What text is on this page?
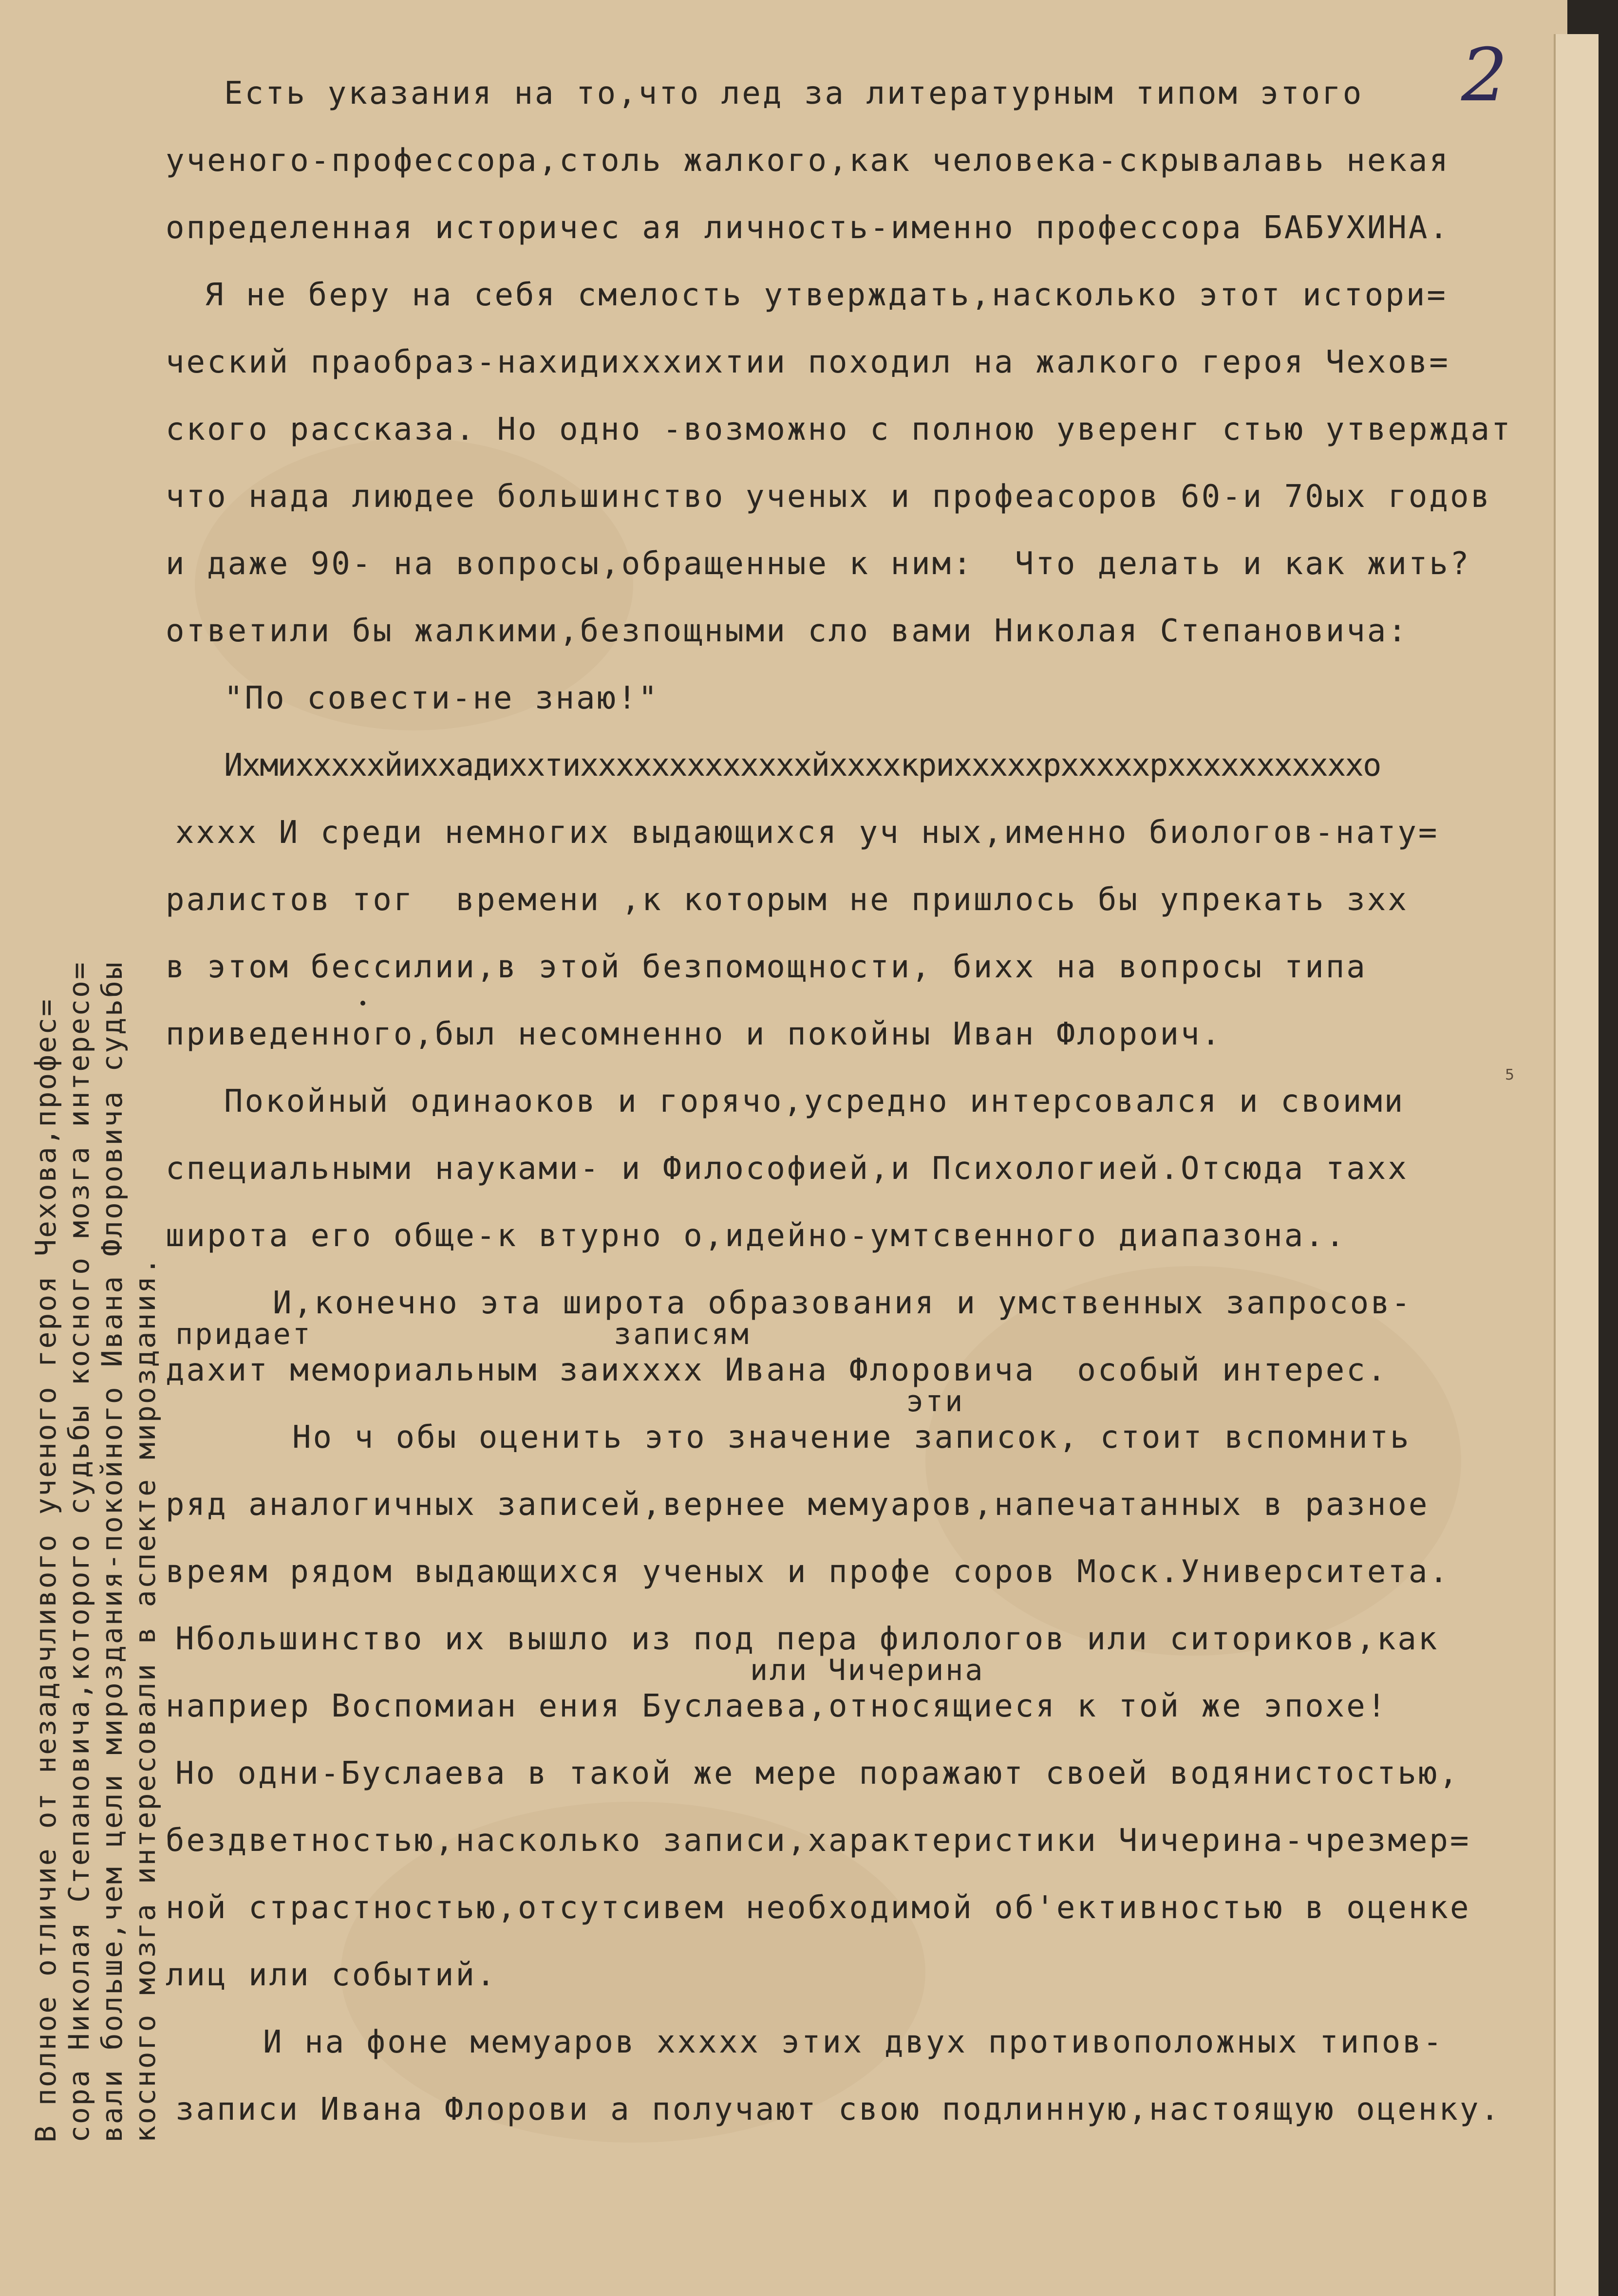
2
Есть указания на то,что лед за литературным типом этого
ученого-профессора,столь жалкого,как человека-скрывалавь некая
определенная историчес ая личность-именно профессора БАБУХИНА.
Я не беру на себя смелость утверждать,насколько этот истори=
ческий праобраз-нахидихххихтии походил на жалкого героя Чехов=
ского рассказа. Но одно -возможно с полною уверенг стью утверждат
что нада лиюдее большинство ученых и профеасоров 60-и 70ых годов
и даже 90- на вопросы,обращенные к ним:  Что делать и как жить?
ответили бы жалкими,безпощными сло вами Николая Степановича:
"По совести-не знаю!"
Ихмихххххйиххадиххтихххххххххххххйххххкрихххххрхххххрхххххххххххо
хххх И среди немногих выдающихся уч ных,именно биологов-нату=
ралистов тог  времени ,к которым не пришлось бы упрекать зхх
в этом бессилии,в этой безпомощности, бихх на вопросы типа
приведенного,был несомненно и покойны Иван Флороич.
Покойный одинаоков и горячо,усредно интерсовался и своими
специальными науками- и Философией,и Психологией.Отсюда тахх
широта его обще-к втурно о,идейно-умтсвенного диапазона..
И,конечно эта широта образования и умственных запросов-
придает	записям
дахит мемориальным заихххх Ивана Флоровича  особый интерес.
эти
Но ч обы оценить это значение записок, стоит вспомнить
ряд аналогичных записей,вернее мемуаров,напечатанных в разное
врeям рядом выдающихся ученых и профе соров Моск.Университета.
Нбольшинство их вышло из под пера филологов или ситориков,как
или Чичерина
наприер Воспомиан ения Буслаева,относящиеся к той же эпохе!
Но одни-Буслаева в такой же мере поражают своей водянистостью,
бездветностью,насколько записи,характеристики Чичерина-чрезмер=
ной страстностью,отсутсивем необходимой об'ективностью в оценке
лиц или событий.
И на фоне мемуаров ххххх этих двух противоположных типов-
записи Ивана Флорови а получают свою подлинную,настоящую оценку.
5
В полное отличие от незадачливого ученого героя Чехова,профес= сора Николая Степановича,которого судьбы косного мозга интересо= вали больше,чем цели мироздания-покойного Ивана Флоровича судьбы косного мозга интересовали в аспекте мироздания.
